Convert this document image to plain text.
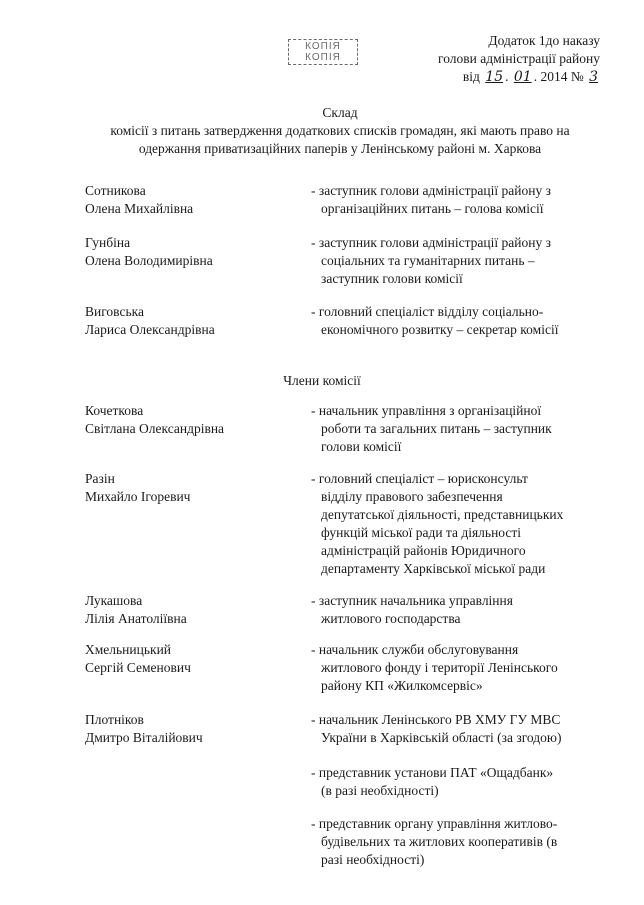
КОПІЯ
КОПІЯ
Додаток 1до наказу
голови адміністрації району
від 15 . 01 . 2014 № 3
Склад
комісії з питань затвердження додаткових списків громадян, які мають право на
одержання приватизаційних паперів у Ленінському районі м. Харкова
Сотникова
Олена Михайлівна
- заступник голови адміністрації району з
організаційних питань – голова комісії
Гунбіна
Олена Володимирівна
- заступник голови адміністрації району з
соціальних та гуманітарних питань –
заступник голови комісії
Виговська
Лариса Олександрівна
- головний спеціаліст відділу соціально-
економічного розвитку – секретар комісії
Члени комісії
Кочеткова
Світлана Олександрівна
- начальник управління з організаційної
роботи та загальних питань – заступник
голови комісії
Разін
Михайло Ігоревич
- головний спеціаліст – юрисконсульт
відділу правового забезпечення
депутатської діяльності, представницьких
функцій міської ради та діяльності
адміністрацій районів Юридичного
департаменту Харківської міської ради
Лукашова
Лілія Анатоліївна
- заступник начальника управління
житлового господарства
Хмельницький
Сергій Семенович
- начальник служби обслуговування
житлового фонду і території Ленінського
району КП «Жилкомсервіс»
Плотніков
Дмитро Віталійович
- начальник Ленінського РВ ХМУ ГУ МВС
України в Харківській області (за згодою)
- представник установи ПАТ «Ощадбанк»
(в разі необхідності)
- представник органу управління житлово-
будівельних та житлових кооперативів (в
разі необхідності)
